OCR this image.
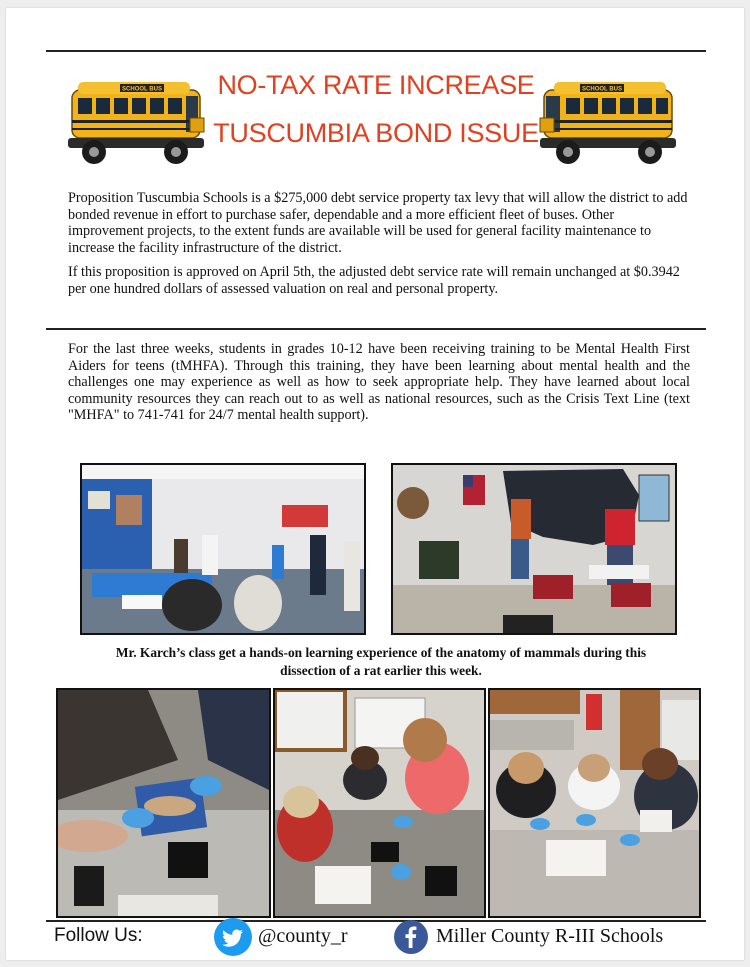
SCHOOL BUS	SCHOOL BUS
NO-TAX RATE INCREASE
TUSCUMBIA BOND ISSUE

Proposition Tuscumbia Schools is a $275,000 debt service property tax levy that will allow the district to add bonded revenue in effort to purchase safer, dependable and a more efficient fleet of buses. Other improvement projects, to the extent funds are available will be used for general facility maintenance to increase the facility infrastructure of the district.

If this proposition is approved on April 5th, the adjusted debt service rate will remain unchanged at $0.3942 per one hundred dollars of assessed valuation on real and personal property.

For the last three weeks, students in grades 10-12 have been receiving training to be Mental Health First Aiders for teens (tMHFA). Through this training, they have been learning about mental health and the challenges one may experience as well as how to seek appropriate help. They have learned about local community resources they can reach out to as well as national resources, such as the Crisis Text Line (text "MHFA" to 741-741 for 24/7 mental health support).

Mr. Karch’s class get a hands-on learning experience of the anatomy of mammals during this
dissection of a rat earlier this week.
Follow Us:	@county_r	Miller County R-III Schools
